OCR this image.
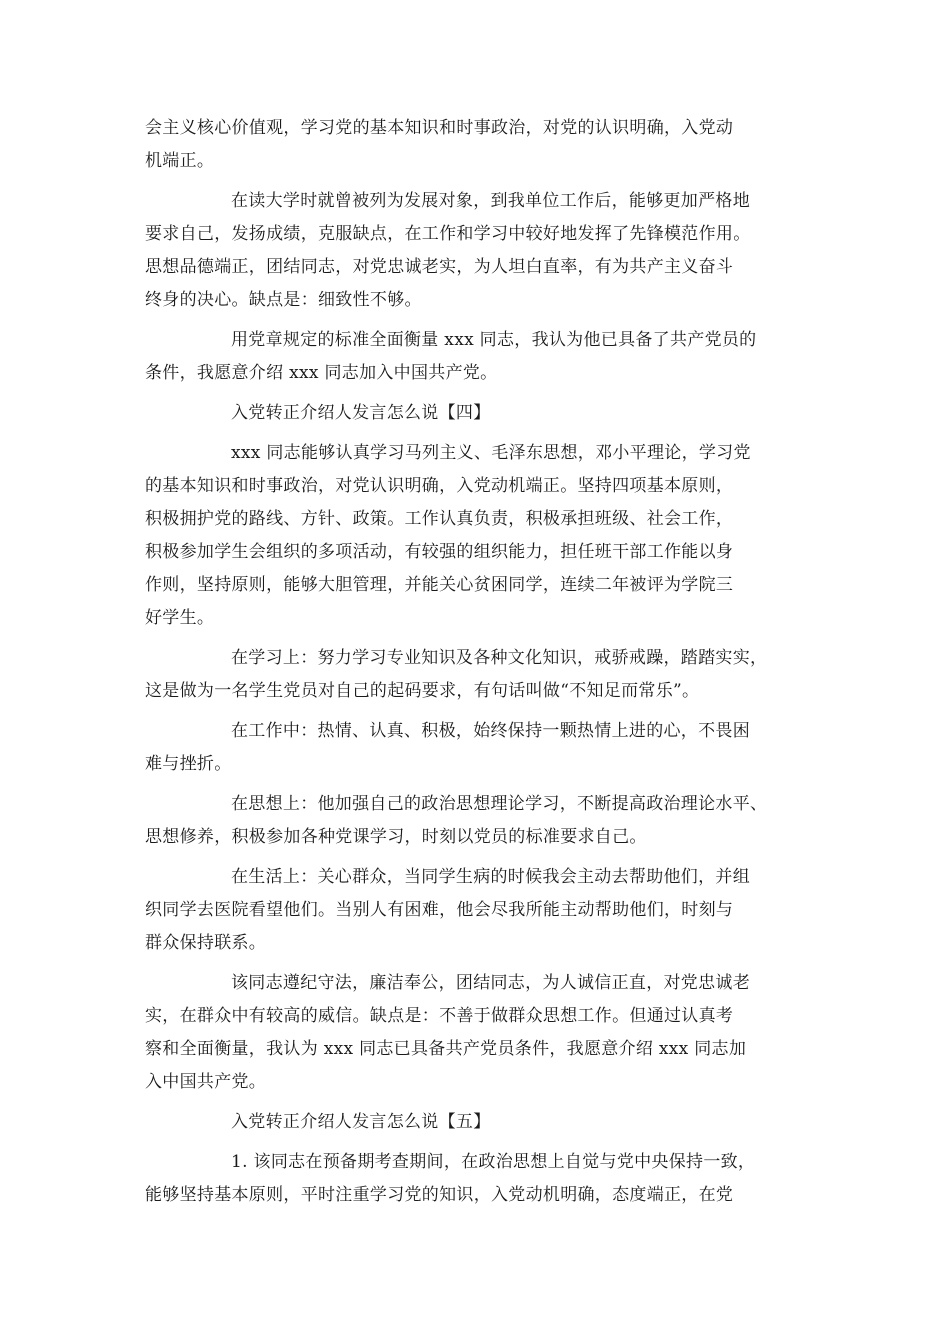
会主义核心价值观，学习党的基本知识和时事政治，对党的认识明确，入党动
机端正。
在读大学时就曾被列为发展对象，到我单位工作后，能够更加严格地
要求自己，发扬成绩，克服缺点，在工作和学习中较好地发挥了先锋模范作用。
思想品德端正，团结同志，对党忠诚老实，为人坦白直率，有为共产主义奋斗
终身的决心。缺点是：细致性不够。
用党章规定的标准全面衡量 xxx 同志，我认为他已具备了共产党员的
条件，我愿意介绍 xxx 同志加入中国共产党。
入党转正介绍人发言怎么说【四】
xxx 同志能够认真学习马列主义、毛泽东思想，邓小平理论，学习党
的基本知识和时事政治，对党认识明确，入党动机端正。坚持四项基本原则，
积极拥护党的路线、方针、政策。工作认真负责，积极承担班级、社会工作，
积极参加学生会组织的多项活动，有较强的组织能力，担任班干部工作能以身
作则，坚持原则，能够大胆管理，并能关心贫困同学，连续二年被评为学院三
好学生。
在学习上：努力学习专业知识及各种文化知识，戒骄戒躁，踏踏实实，
这是做为一名学生党员对自己的起码要求，有句话叫做“不知足而常乐”。
在工作中：热情、认真、积极，始终保持一颗热情上进的心，不畏困
难与挫折。
在思想上：他加强自己的政治思想理论学习，不断提高政治理论水平、
思想修养，积极参加各种党课学习，时刻以党员的标准要求自己。
在生活上：关心群众，当同学生病的时候我会主动去帮助他们，并组
织同学去医院看望他们。当别人有困难，他会尽我所能主动帮助他们，时刻与
群众保持联系。
该同志遵纪守法，廉洁奉公，团结同志，为人诚信正直，对党忠诚老
实，在群众中有较高的威信。缺点是：不善于做群众思想工作。但通过认真考
察和全面衡量，我认为 xxx 同志已具备共产党员条件，我愿意介绍 xxx 同志加
入中国共产党。
入党转正介绍人发言怎么说【五】
1. 该同志在预备期考查期间，在政治思想上自觉与党中央保持一致，
能够坚持基本原则，平时注重学习党的知识，入党动机明确，态度端正，在党
